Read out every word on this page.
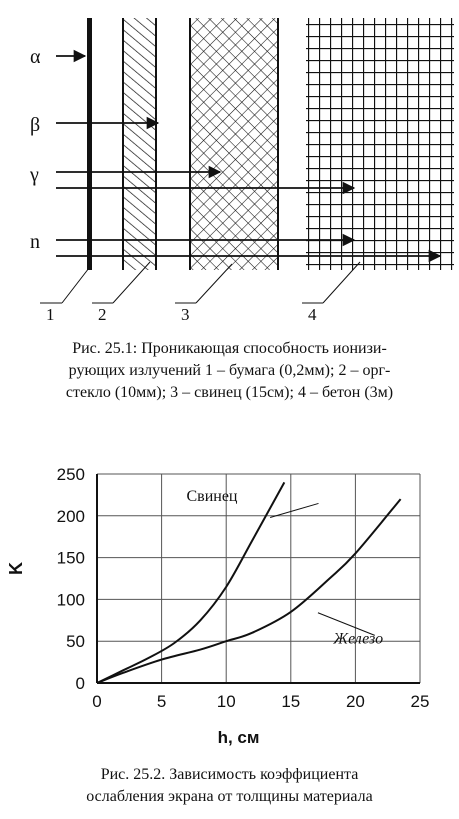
α
β
γ
n
1	2	3	4
Рис. 25.1: Проникающая способность ионизи-
рующих излучений 1 – бумага (0,2мм); 2 – орг-
стекло (10мм); 3 – свинец (15см); 4 – бетон (3м)
0	5	10	15	20	25
0
50
100
150
200
250
h, см
K
Свинец
Железо
Рис. 25.2. Зависимость коэффициента
ослабления экрана от толщины материала
